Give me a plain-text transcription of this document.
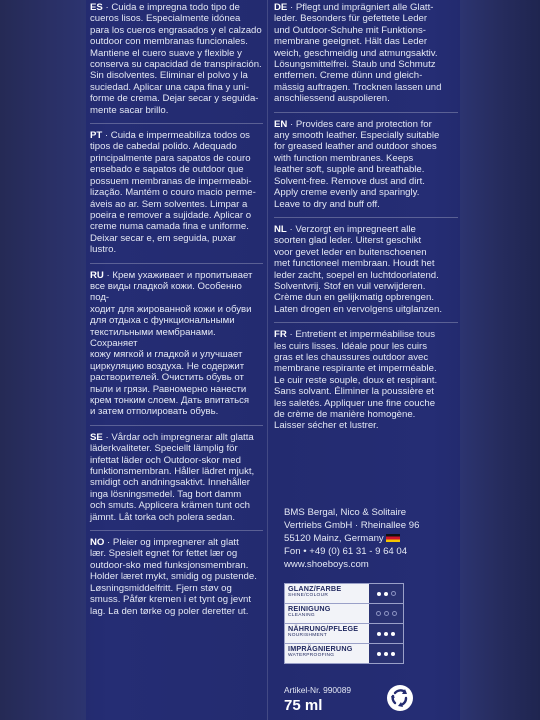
ES · Cuida e impregna todo tipo de
cueros lisos. Especialmente idónea
para los cueros engrasados y el calzado
outdoor con membranas funcionales.
Mantiene el cuero suave y flexible y
conserva su capacidad de transpiración.
Sin disolventes. Eliminar el polvo y la
suciedad. Aplicar una capa fina y uni-
forme de crema. Dejar secar y seguida-
mente sacar brillo.
PT · Cuida e impermeabiliza todos os
tipos de cabedal polido. Adequado
principalmente para sapatos de couro
ensebado e sapatos de outdoor que
possuem membranas de impermeabi-
lização. Mantém o couro macio perme-
áveis ao ar. Sem solventes. Limpar a
poeira e remover a sujidade. Aplicar o
creme numa camada fina e uniforme.
Deixar secar e, em seguida, puxar
lustro.
RU · Крем ухаживает и пропитывает
все виды гладкой кожи. Особенно под-
ходит для жированной кожи и обуви
для отдыха с функциональными
текстильными мембранами. Сохраняет
кожу мягкой и гладкой и улучшает
циркуляцию воздуха. Не содержит
растворителей. Очистить обувь от
пыли и грязи. Равномерно нанести
крем тонким слоем. Дать впитаться
и затем отполировать обувь.
SE · Vårdar och impregnerar allt glatta
läderkvaliteter. Speciellt lämplig för
infettat läder och Outdoor-skor med
funktionsmembran. Håller lädret mjukt,
smidigt och andningsaktivt. Innehåller
inga lösningsmedel. Tag bort damm
och smuts. Applicera krämen tunt och
jämnt. Låt torka och polera sedan.
NO · Pleier og impregnerer alt glatt
lær. Spesielt egnet for fettet lær og
outdoor-sko med funksjonsmembran.
Holder læret mykt, smidig og pustende.
Løsningsmiddelfritt. Fjern støv og
smuss. Påfør kremen i et tynt og jevnt
lag. La den tørke og poler deretter ut.
DE · Pflegt und imprägniert alle Glatt-
leder. Besonders für gefettete Leder
und Outdoor-Schuhe mit Funktions-
membrane geeignet. Hält das Leder
weich, geschmeidig und atmungsaktiv.
Lösungsmittelfrei. Staub und Schmutz
entfernen. Creme dünn und gleich-
mässig auftragen. Trocknen lassen und
anschliessend auspolieren.
EN · Provides care and protection for
any smooth leather. Especially suitable
for greased leather and outdoor shoes
with function membranes. Keeps
leather soft, supple and breathable.
Solvent-free. Remove dust and dirt.
Apply creme evenly and sparingly.
Leave to dry and buff off.
NL · Verzorgt en impregneert alle
soorten glad leder. Uiterst geschikt
voor gevet leder en buitenschoenen
met functioneel membraan. Houdt het
leder zacht, soepel en luchtdoorlatend.
Solventvrij. Stof en vuil verwijderen.
Crème dun en gelijkmatig opbrengen.
Laten drogen en vervolgens uitglanzen.
FR · Entretient et imperméabilise tous
les cuirs lisses. Idéale pour les cuirs
gras et les chaussures outdoor avec
membrane respirante et imperméable.
Le cuir reste souple, doux et respirant.
Sans solvant. Éliminer la poussière et
les saletés. Appliquer une fine couche
de crème de manière homogène.
Laisser sécher et lustrer.
BMS Bergal, Nico & Solitaire
Vertriebs GmbH · Rheinallee 96
55120 Mainz, Germany
Fon • +49 (0) 61 31 - 9 64 04
www.shoeboys.com
GLANZ/FARBE
SHINE/COLOUR
REINIGUNG
CLEANING
NÄHRUNG/PFLEGE
NOURISHMENT
IMPRÄGNIERUNG
WATERPROOFING
Artikel-Nr. 990089
75 ml
